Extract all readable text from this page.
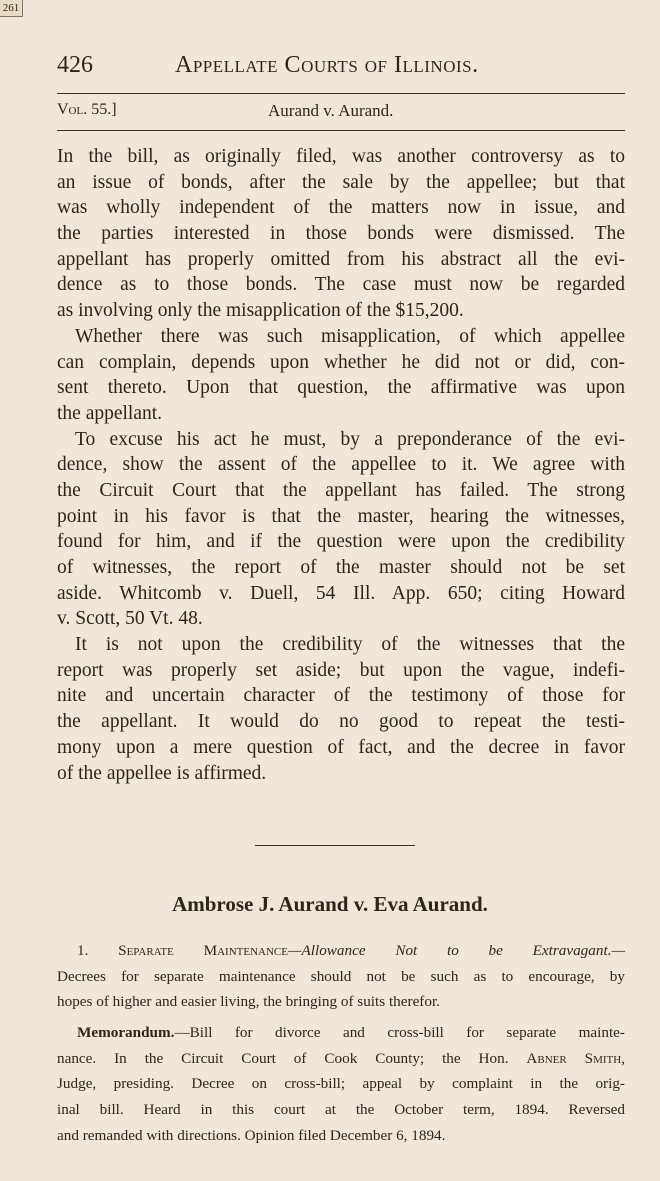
261
426	Appellate Courts of Illinois.
Vol. 55.]	Aurand v. Aurand.
In the bill, as originally filed, was another controversy as to
an issue of bonds, after the sale by the appellee; but that
was wholly independent of the matters now in issue, and
the parties interested in those bonds were dismissed. The
appellant has properly omitted from his abstract all the evi-
dence as to those bonds. The case must now be regarded
as involving only the misapplication of the $15,200.
Whether there was such misapplication, of which appellee
can complain, depends upon whether he did not or did, con-
sent thereto. Upon that question, the affirmative was upon
the appellant.
To excuse his act he must, by a preponderance of the evi-
dence, show the assent of the appellee to it. We agree with
the Circuit Court that the appellant has failed. The strong
point in his favor is that the master, hearing the witnesses,
found for him, and if the question were upon the credibility
of witnesses, the report of the master should not be set
aside. Whitcomb v. Duell, 54 Ill. App. 650; citing Howard
v. Scott, 50 Vt. 48.
It is not upon the credibility of the witnesses that the
report was properly set aside; but upon the vague, indefi-
nite and uncertain character of the testimony of those for
the appellant. It would do no good to repeat the testi-
mony upon a mere question of fact, and the decree in favor
of the appellee is affirmed.
Ambrose J. Aurand v. Eva Aurand.
1. Separate Maintenance—Allowance Not to be Extravagant.—
Decrees for separate maintenance should not be such as to encourage, by
hopes of higher and easier living, the bringing of suits therefor.
Memorandum.—Bill for divorce and cross-bill for separate mainte-
nance. In the Circuit Court of Cook County; the Hon. Abner Smith,
Judge, presiding. Decree on cross-bill; appeal by complaint in the orig-
inal bill. Heard in this court at the October term, 1894. Reversed
and remanded with directions. Opinion filed December 6, 1894.
